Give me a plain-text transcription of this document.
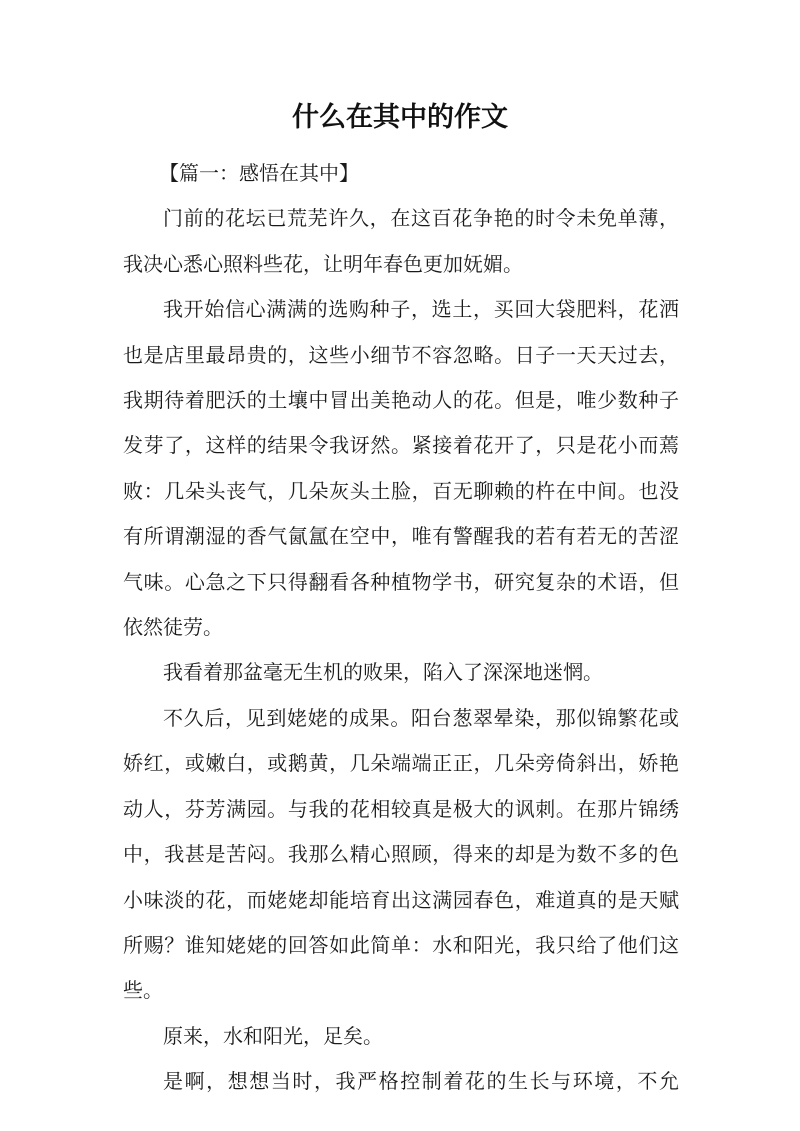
什么在其中的作文

【篇一：感悟在其中】

门前的花坛已荒芜许久，在这百花争艳的时令未免单薄，我决心悉心照料些花，让明年春色更加妩媚。

我开始信心满满的选购种子，选土，买回大袋肥料，花洒也是店里最昂贵的，这些小细节不容忽略。日子一天天过去，我期待着肥沃的土壤中冒出美艳动人的花。但是，唯少数种子发芽了，这样的结果令我讶然。紧接着花开了，只是花小而蔫败：几朵头丧气，几朵灰头土脸，百无聊赖的杵在中间。也没有所谓潮湿的香气氤氲在空中，唯有警醒我的若有若无的苦涩气味。心急之下只得翻看各种植物学书，研究复杂的术语，但依然徒劳。

我看着那盆毫无生机的败果，陷入了深深地迷惘。

不久后，见到姥姥的成果。阳台葱翠晕染，那似锦繁花或娇红，或嫩白，或鹅黄，几朵端端正正，几朵旁倚斜出，娇艳动人，芬芳满园。与我的花相较真是极大的讽刺。在那片锦绣中，我甚是苦闷。我那么精心照顾，得来的却是为数不多的色小味淡的花，而姥姥却能培育出这满园春色，难道真的是天赋所赐？谁知姥姥的回答如此简单：水和阳光，我只给了他们这些。

原来，水和阳光，足矣。

是啊，想想当时，我严格控制着花的生长与环境，不允
